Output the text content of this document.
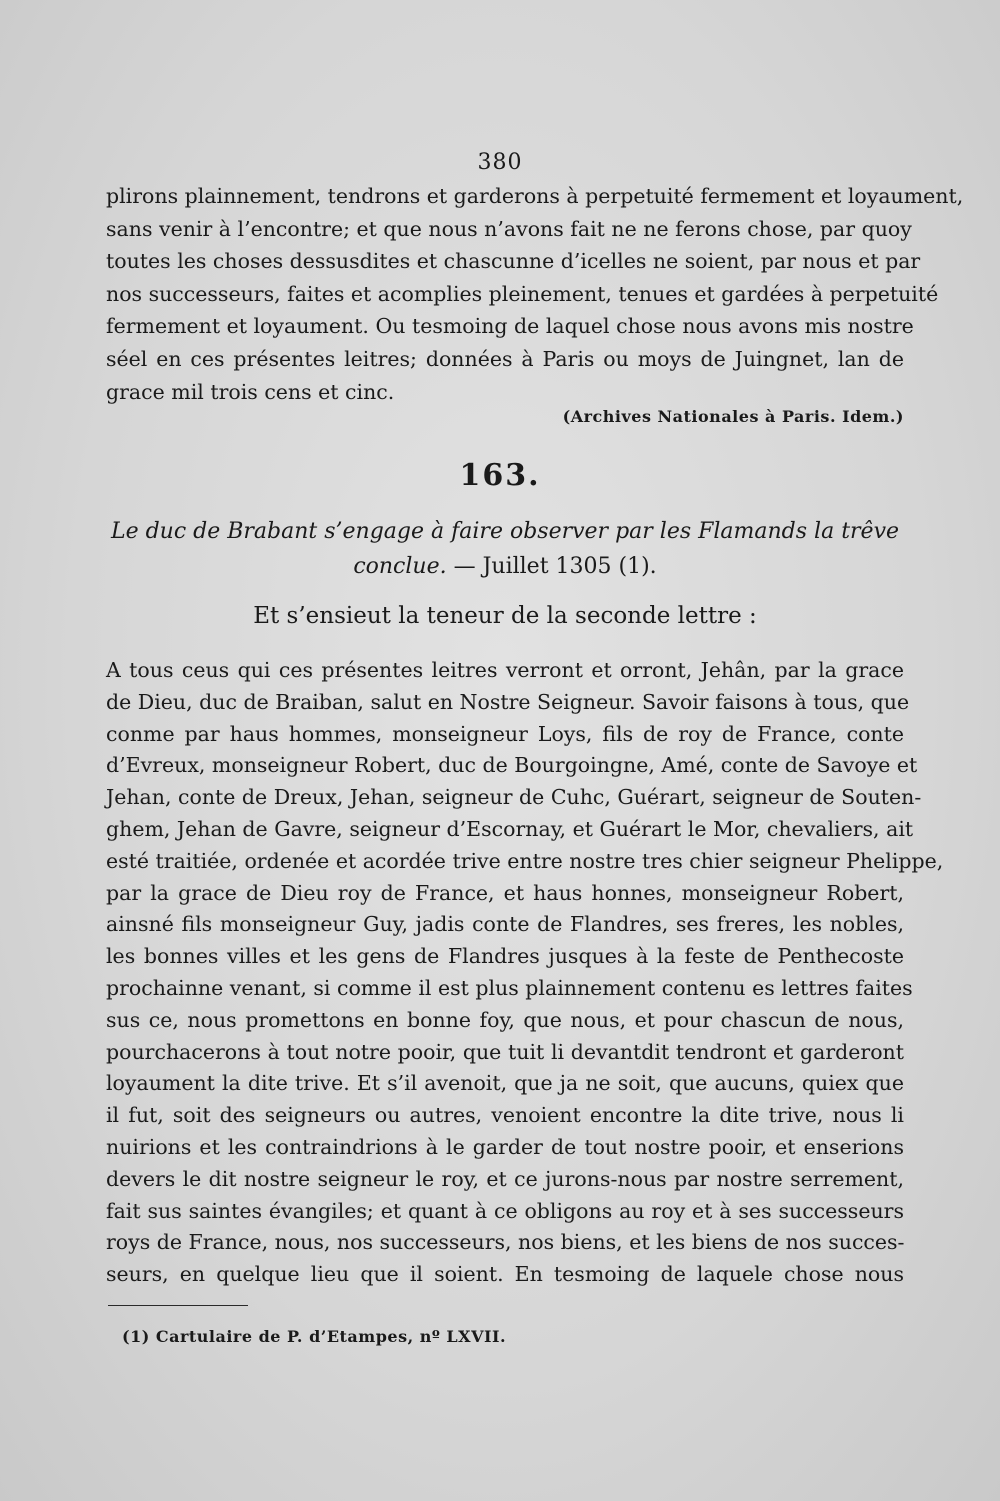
380
plirons plainnement, tendrons et garderons à perpetuité fermement et loyaument,
sans venir à l’encontre; et que nous n’avons fait ne ne ferons chose, par quoy
toutes les choses dessusdites et chascunne d’icelles ne soient, par nous et par
nos successeurs, faites et acomplies pleinement, tenues et gardées à perpetuité
fermement et loyaument. Ou tesmoing de laquel chose nous avons mis nostre
séel en ces présentes leitres; données à Paris ou moys de Juingnet, lan de
grace mil trois cens et cinc.
(Archives Nationales à Paris. Idem.)
163.
Le duc de Brabant s’engage à faire observer par les Flamands la trêve
conclue. — Juillet 1305 (1).
Et s’ensieut la teneur de la seconde lettre :
A tous ceus qui ces présentes leitres verront et orront, Jehân, par la grace
de Dieu, duc de Braiban, salut en Nostre Seigneur. Savoir faisons à tous, que
conme par haus hommes, monseigneur Loys, fils de roy de France, conte
d’Evreux, monseigneur Robert, duc de Bourgoingne, Amé, conte de Savoye et
Jehan, conte de Dreux, Jehan, seigneur de Cuhc, Guérart, seigneur de Souten-
ghem, Jehan de Gavre, seigneur d’Escornay, et Guérart le Mor, chevaliers, ait
esté traitiée, ordenée et acordée trive entre nostre tres chier seigneur Phelippe,
par la grace de Dieu roy de France, et haus honnes, monseigneur Robert,
ainsné fils monseigneur Guy, jadis conte de Flandres, ses freres, les nobles,
les bonnes villes et les gens de Flandres jusques à la feste de Penthecoste
prochainne venant, si comme il est plus plainnement contenu es lettres faites
sus ce, nous promettons en bonne foy, que nous, et pour chascun de nous,
pourchacerons à tout notre pooir, que tuit li devantdit tendront et garderont
loyaument la dite trive. Et s’il avenoit, que ja ne soit, que aucuns, quiex que
il fut, soit des seigneurs ou autres, venoient encontre la dite trive, nous li
nuirions et les contraindrions à le garder de tout nostre pooir, et enserions
devers le dit nostre seigneur le roy, et ce jurons-nous par nostre serrement,
fait sus saintes évangiles; et quant à ce obligons au roy et à ses successeurs
roys de France, nous, nos successeurs, nos biens, et les biens de nos succes-
seurs, en quelque lieu que il soient. En tesmoing de laquele chose nous
(1) Cartulaire de P. d’Etampes, nº LXVII.
